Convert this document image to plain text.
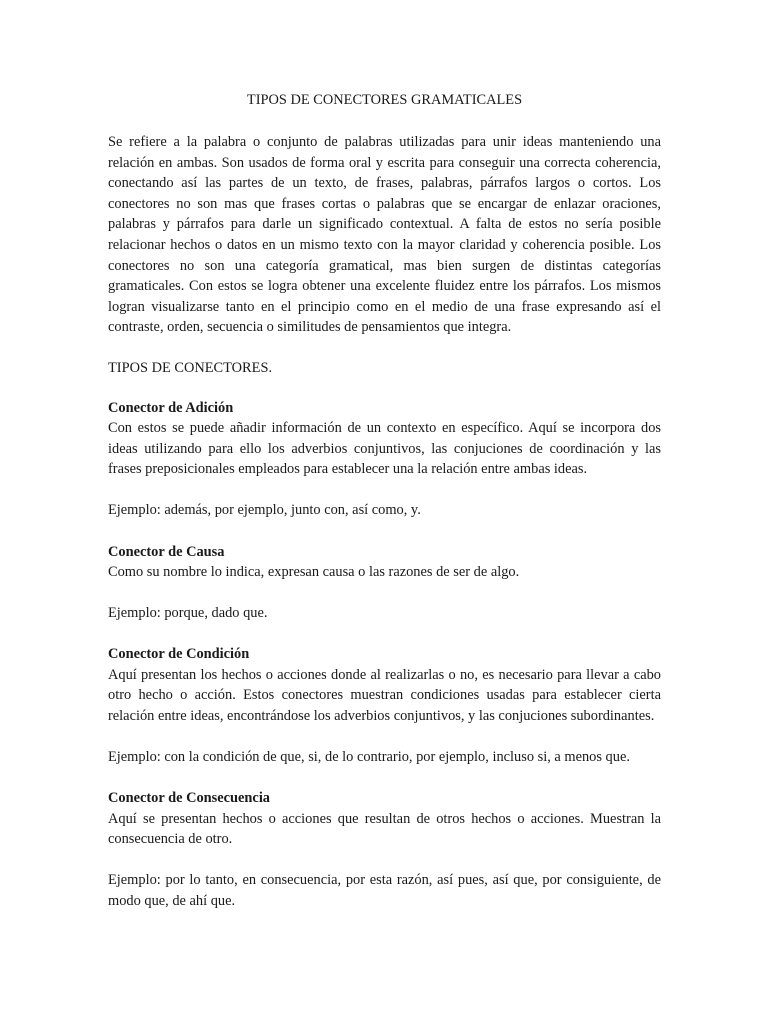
TIPOS DE CONECTORES GRAMATICALES

Se refiere a la palabra o conjunto de palabras utilizadas para unir ideas manteniendo una relación en ambas. Son usados de forma oral y escrita para conseguir una correcta coherencia, conectando así las partes de un texto, de frases, palabras, párrafos largos o cortos. Los conectores no son mas que frases cortas o palabras que se encargar de enlazar oraciones, palabras y párrafos para darle un significado contextual. A falta de estos no sería posible relacionar hechos o datos en un mismo texto con la mayor claridad y coherencia posible. Los conectores no son una categoría gramatical, mas bien surgen de distintas categorías gramaticales. Con estos se logra obtener una excelente fluidez entre los párrafos. Los mismos logran visualizarse tanto en el principio como en el medio de una frase expresando así el contraste, orden, secuencia o similitudes de pensamientos que integra.

TIPOS DE CONECTORES.

Conector de Adición

Con estos se puede añadir información de un contexto en específico. Aquí se incorpora dos ideas utilizando para ello los adverbios conjuntivos, las conjuciones de coordinación y las frases preposicionales empleados para establecer una la relación entre ambas ideas.

Ejemplo: además, por ejemplo, junto con, así como, y.

Conector de Causa

Como su nombre lo indica, expresan causa o las razones de ser de algo.

Ejemplo: porque, dado que.

Conector de Condición

Aquí presentan los hechos o acciones donde al realizarlas o no, es necesario para llevar a cabo otro hecho o acción. Estos conectores muestran condiciones usadas para establecer cierta relación entre ideas, encontrándose los adverbios conjuntivos, y las conjuciones subordinantes.

Ejemplo: con la condición de que, si, de lo contrario, por ejemplo, incluso si, a menos que.

Conector de Consecuencia

Aquí se presentan hechos o acciones que resultan de otros hechos o acciones. Muestran la consecuencia de otro.

Ejemplo: por lo tanto, en consecuencia, por esta razón, así pues, así que, por consiguiente, de modo que, de ahí que.
